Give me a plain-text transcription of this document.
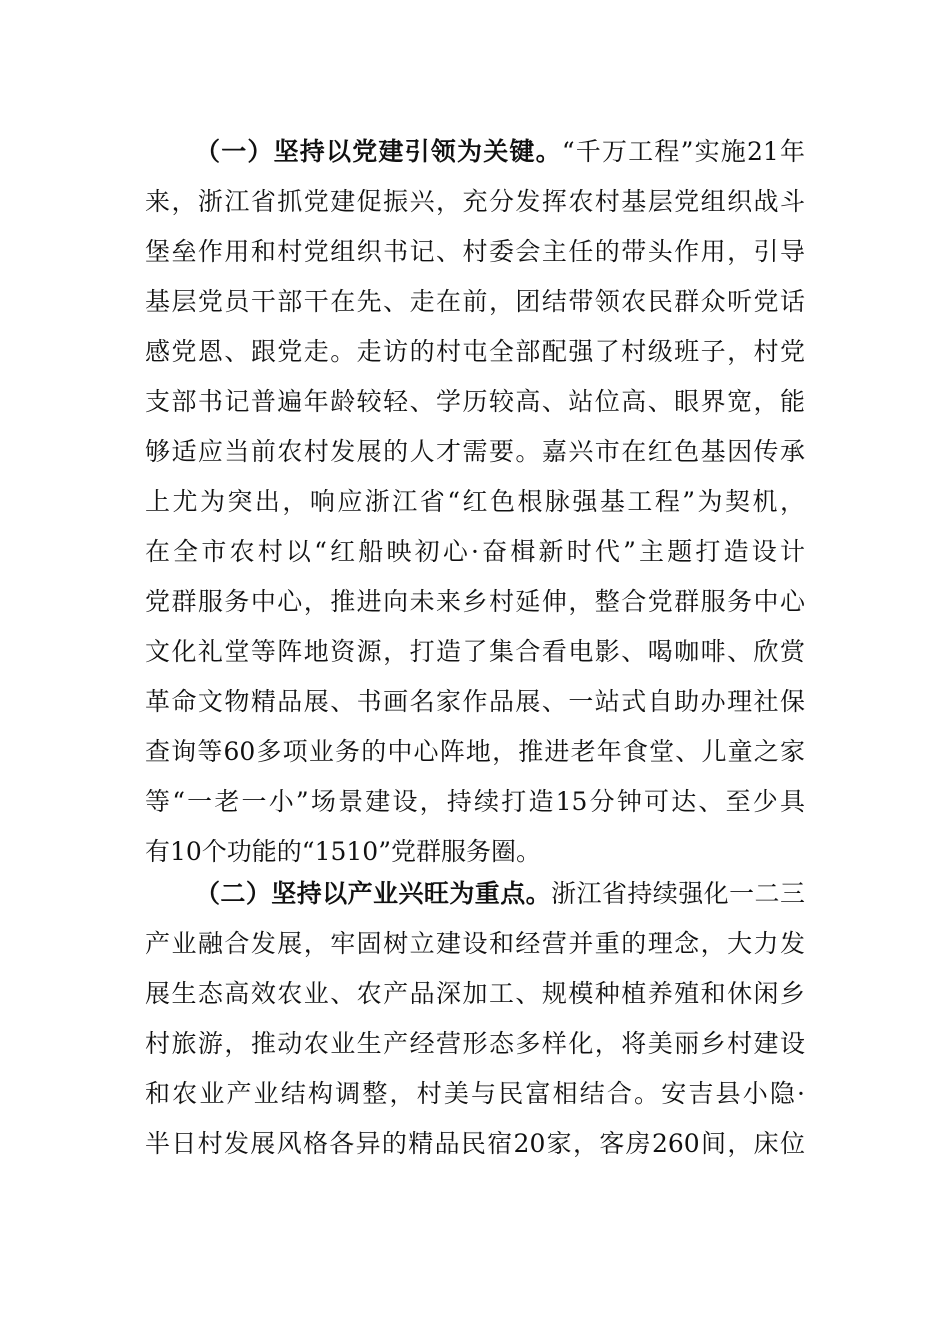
（一）坚持以党建引领为关键。“千万工程”实施21年
来，浙江省抓党建促振兴，充分发挥农村基层党组织战斗
堡垒作用和村党组织书记、村委会主任的带头作用，引导
基层党员干部干在先、走在前，团结带领农民群众听党话
感党恩、跟党走。走访的村屯全部配强了村级班子，村党
支部书记普遍年龄较轻、学历较高、站位高、眼界宽，能
够适应当前农村发展的人才需要。嘉兴市在红色基因传承
上尤为突出，响应浙江省“红色根脉强基工程”为契机，
在全市农村以“红船映初心·奋楫新时代”主题打造设计
党群服务中心，推进向未来乡村延伸，整合党群服务中心
文化礼堂等阵地资源，打造了集合看电影、喝咖啡、欣赏
革命文物精品展、书画名家作品展、一站式自助办理社保
查询等60多项业务的中心阵地，推进老年食堂、儿童之家
等“一老一小”场景建设，持续打造15分钟可达、至少具
有10个功能的“1510”党群服务圈。
（二）坚持以产业兴旺为重点。浙江省持续强化一二三
产业融合发展，牢固树立建设和经营并重的理念，大力发
展生态高效农业、农产品深加工、规模种植养殖和休闲乡
村旅游，推动农业生产经营形态多样化，将美丽乡村建设
和农业产业结构调整，村美与民富相结合。安吉县小隐·
半日村发展风格各异的精品民宿20家，客房260间，床位
